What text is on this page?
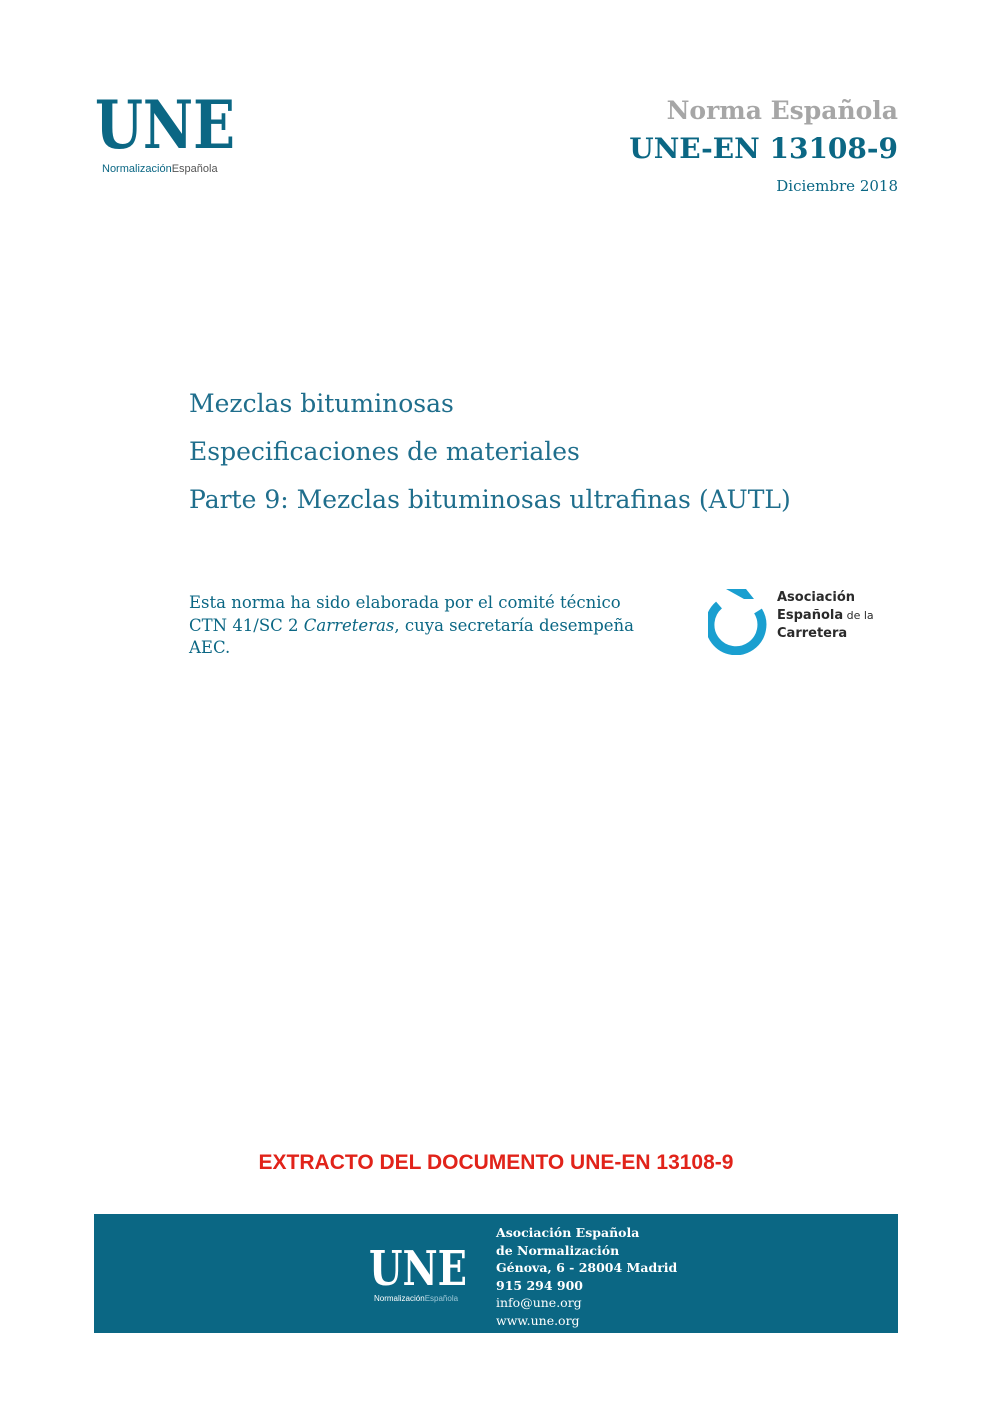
UNE
NormalizaciónEspañola
Norma Española
UNE-EN 13108-9
Diciembre 2018
Mezclas bituminosas
Especificaciones de materiales
Parte 9: Mezclas bituminosas ultrafinas (AUTL)
Esta norma ha sido elaborada por el comité técnico
CTN 41/SC 2 Carreteras, cuya secretaría desempeña
AEC.
Asociación
Española de la
Carretera
EXTRACTO DEL DOCUMENTO UNE-EN 13108-9
UNE
NormalizaciónEspañola
Asociación Española
de Normalización
Génova, 6 - 28004 Madrid
915 294 900
info@une.org
www.une.org
